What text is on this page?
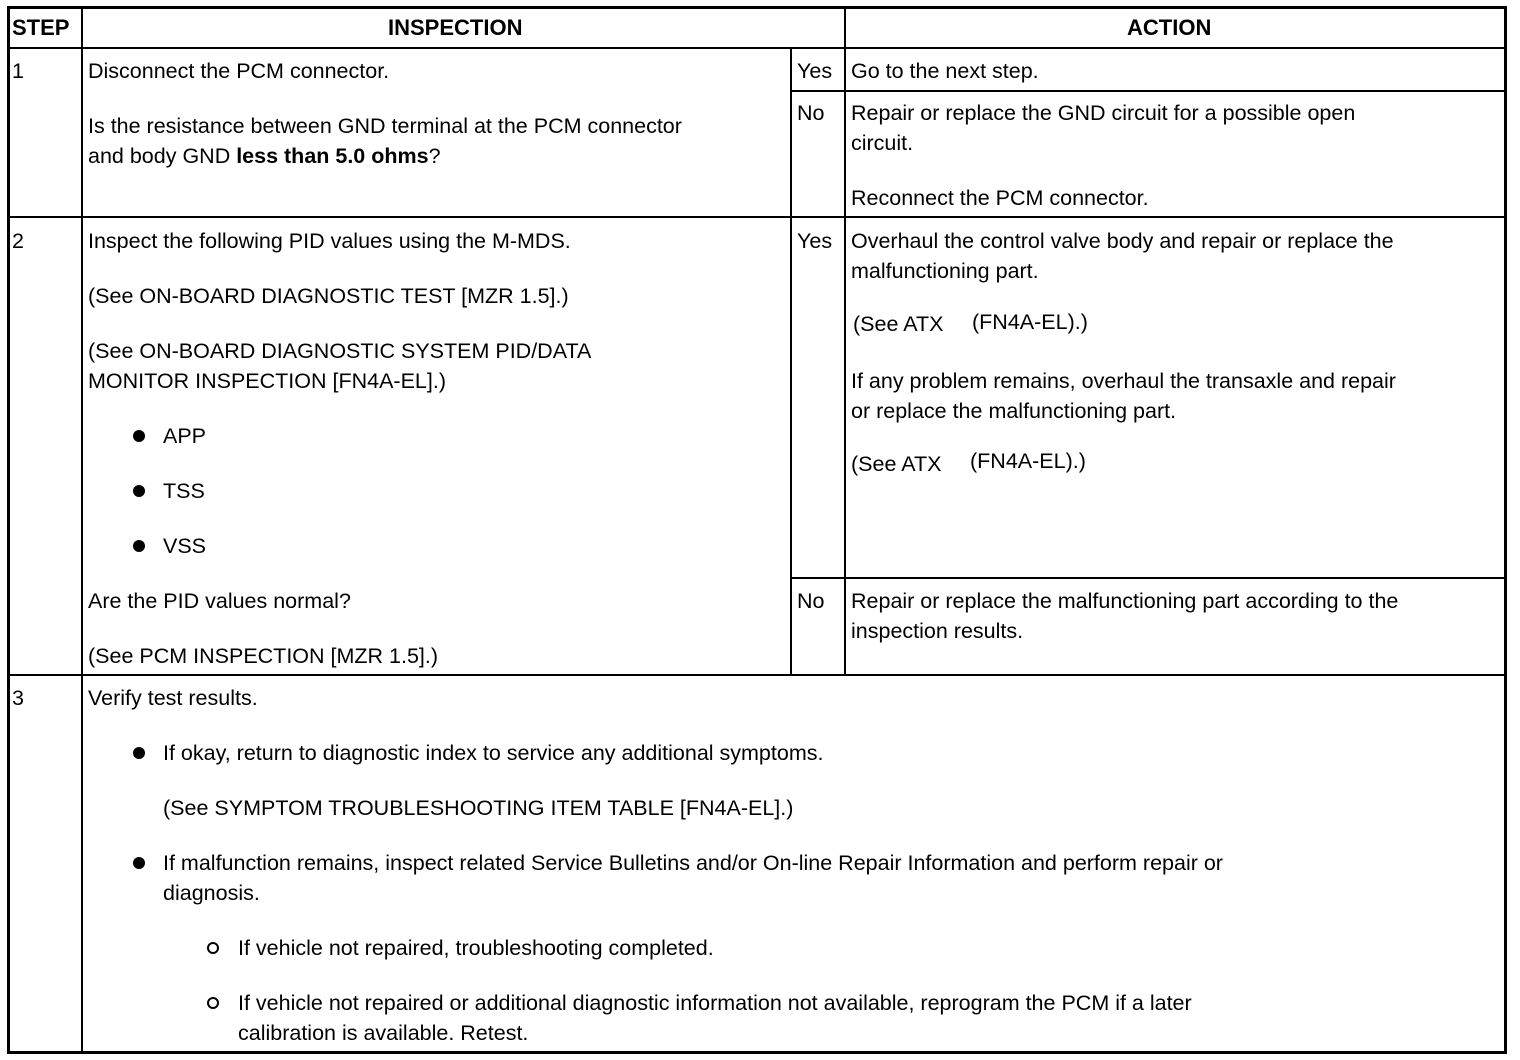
STEP	INSPECTION	ACTION
1	Disconnect the PCM connector.
Is the resistance between GND terminal at the PCM connector
and body GND less than 5.0 ohms?
Yes Go to the next step.
No Repair or replace the GND circuit for a possible open
circuit.
Reconnect the PCM connector.
2	Inspect the following PID values using the M-MDS.
(See ON-BOARD DIAGNOSTIC TEST [MZR 1.5].)
(See ON-BOARD DIAGNOSTIC SYSTEM PID/DATA
MONITOR INSPECTION [FN4A-EL].)
APP
TSS
VSS
Are the PID values normal?
(See PCM INSPECTION [MZR 1.5].)
Yes Overhaul the control valve body and repair or replace the
malfunctioning part.
(See ATX (FN4A-EL).)
If any problem remains, overhaul the transaxle and repair
or replace the malfunctioning part.
(See ATX (FN4A-EL).)
No Repair or replace the malfunctioning part according to the
inspection results.
3	Verify test results.
If okay, return to diagnostic index to service any additional symptoms.
(See SYMPTOM TROUBLESHOOTING ITEM TABLE [FN4A-EL].)
If malfunction remains, inspect related Service Bulletins and/or On-line Repair Information and perform repair or
diagnosis.
If vehicle not repaired, troubleshooting completed.
If vehicle not repaired or additional diagnostic information not available, reprogram the PCM if a later
calibration is available. Retest.
